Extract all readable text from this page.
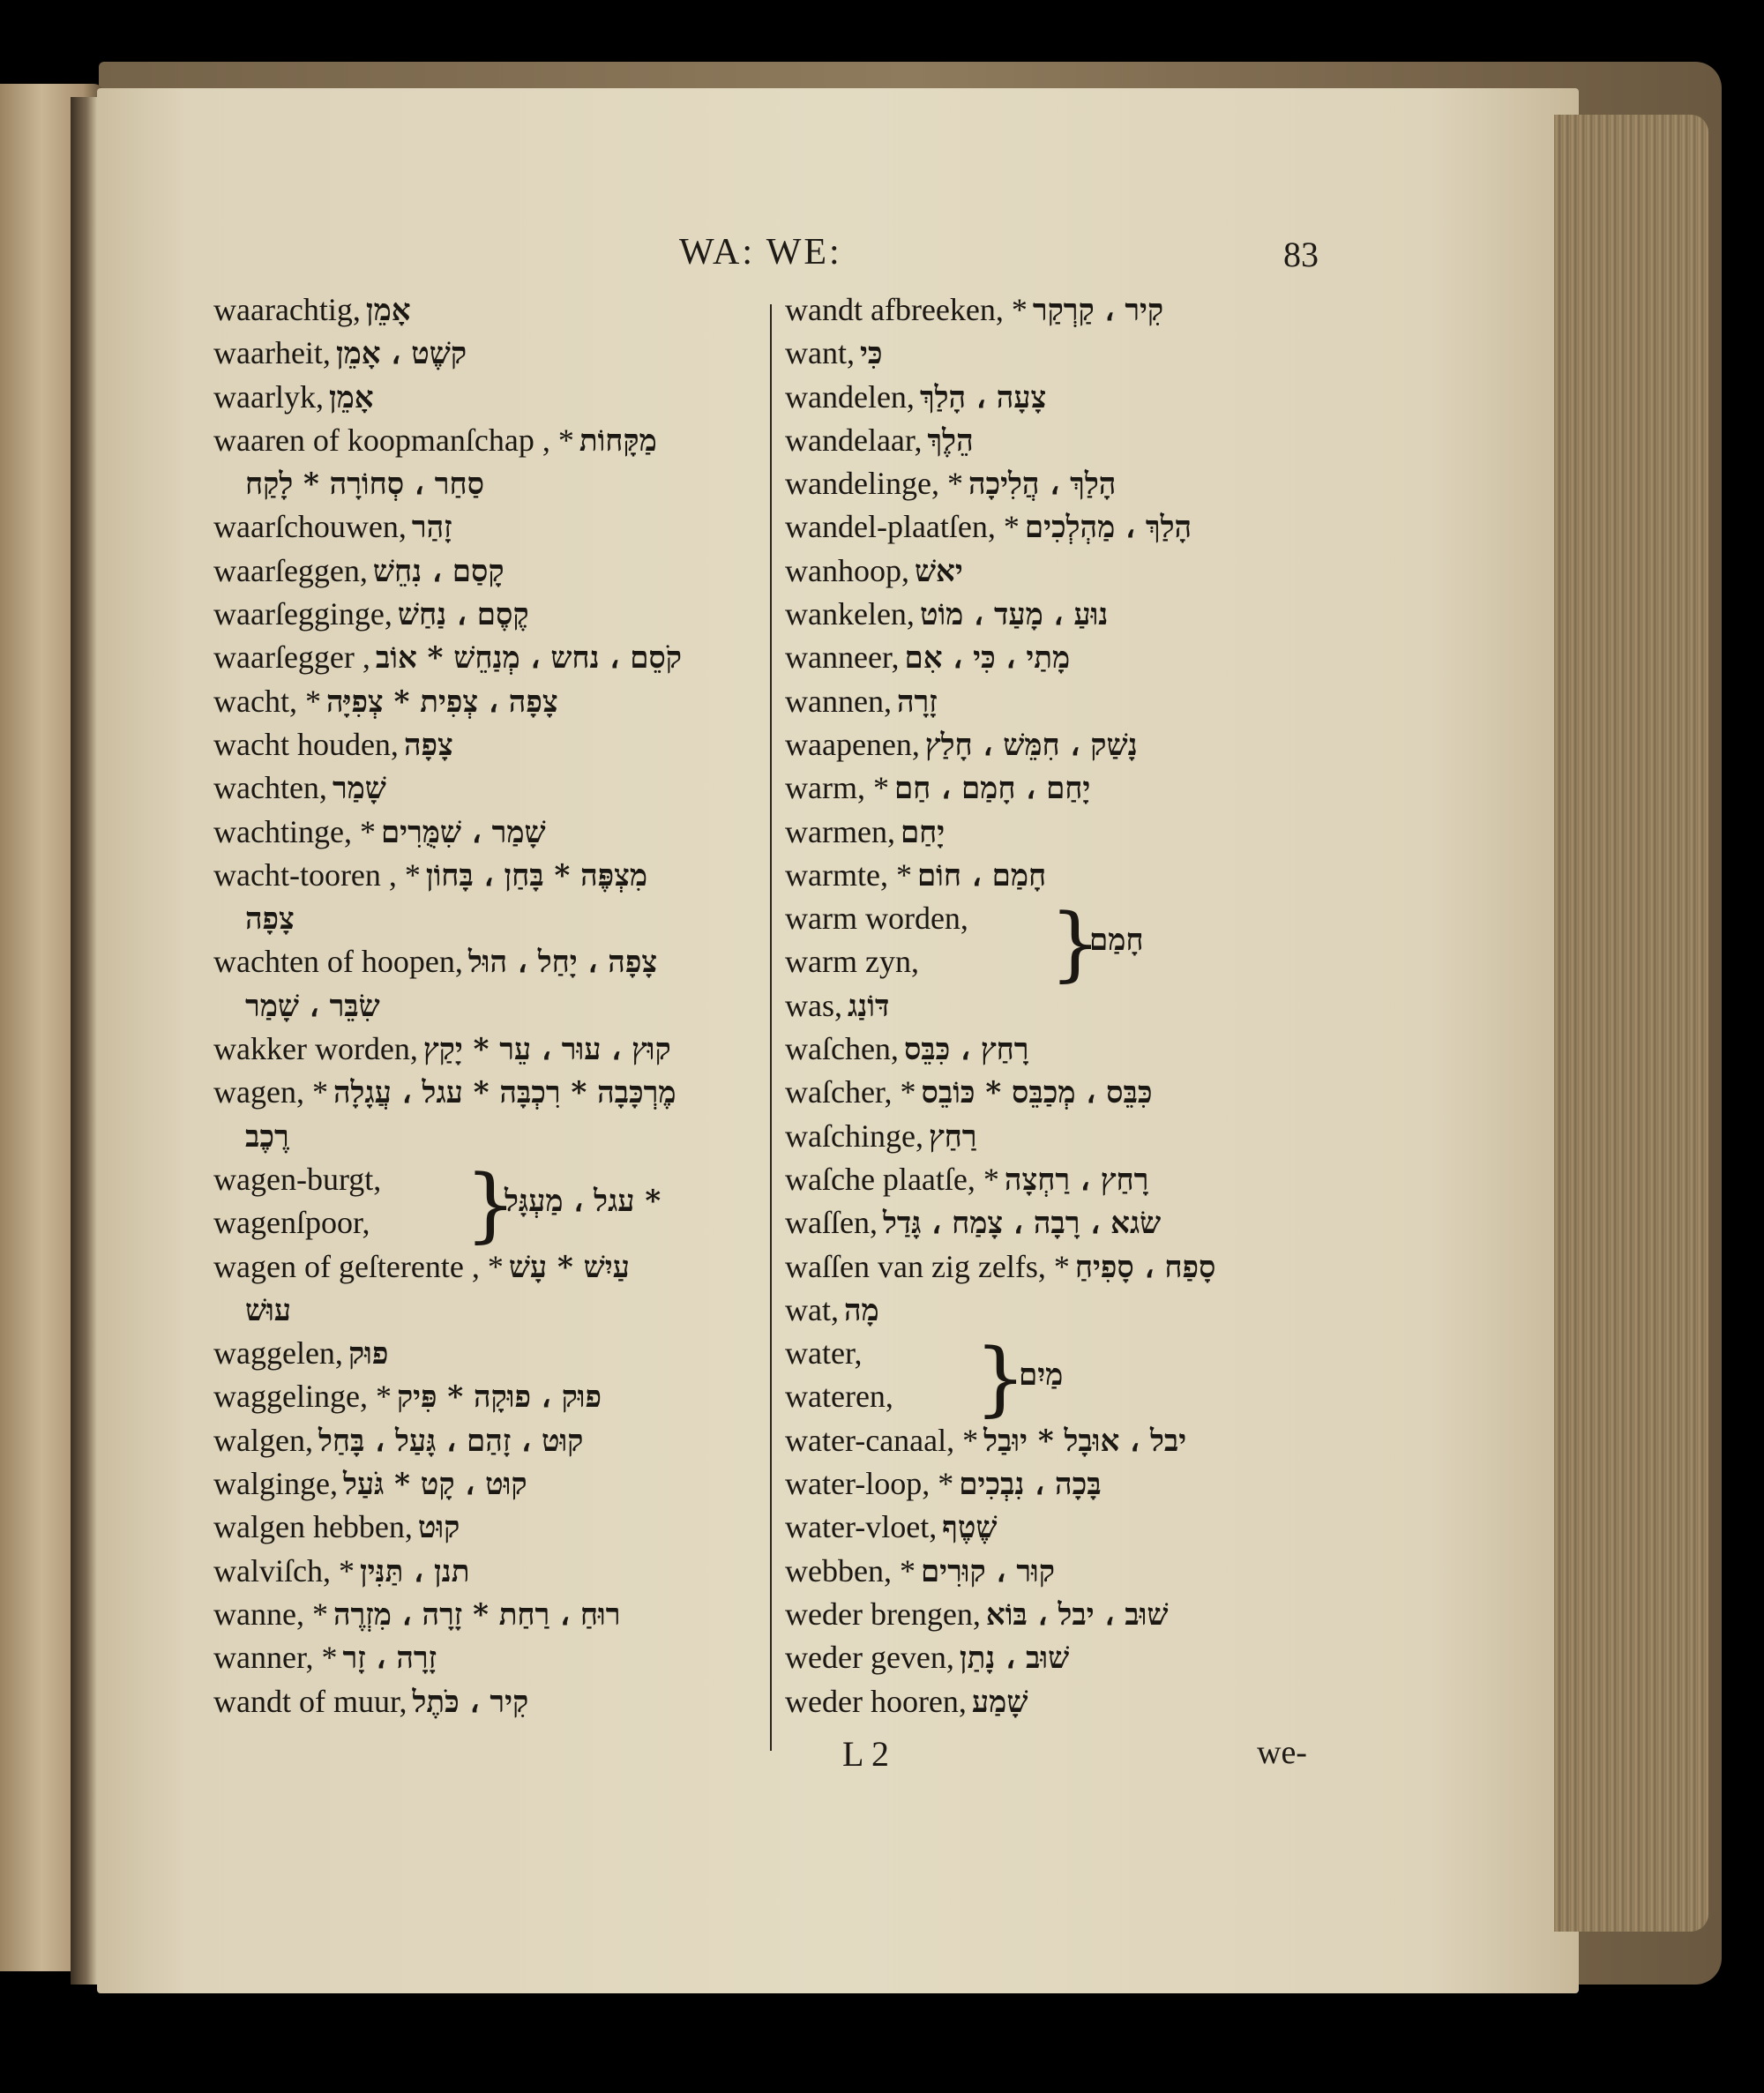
WA: WE:	83
waarachtig, אָמֵן
waarheit, קשֶׁט ، אָמֵן
waarlyk, אָמֵן
waaren of koopmanſchap , * מַקָּחוֹת
סַחַר ، סְחוֹרָה * לָקַח
waarſchouwen, זָהַר
waarſeggen, קָסַם ، נִחֵשׁ
waarſegginge, קֶסֶם ، נַחַשׁ
waarſegger , קֹסֵם ، נחש ، מְנַחֵשׁ * אוֹב
wacht, * צָפָה ، צְפִית * צְפִיָּה
wacht houden, צָפָה
wachten, שָׁמַר
wachtinge, * שָׁמַר ، שִׁמֻּרִים
wacht-tooren , * מִצְפֶּה * בָּחַן ، בָּחוֹן
צָפָה
wachten of hoopen, צָפָה ، יָחַל ، הוּל
שִׂבֵּר ، שָׁמַר
wakker worden, קוּץ ، עוּר ، עֵר * יָקַץ
wagen, * מֶרְכָּבָה * רִכְבָּה * עגל ، עֲגָלָה
רֶכֶב
wagen-burgt,
wagenſpoor,	}
* עגל ، מַעְגָּל
wagen of geſterente , * עַיִשׁ * עָשׁ
עוּשׁ
waggelen, פוּק
waggelinge, * פוּק ، פוּקָה * פִּיק
walgen, קוּט ، זָהַם ، גָּעַל ، בָּחַל
walginge, קוּט ، קָט * גֹּעַל
walgen hebben, קוּט
walviſch, * תנן ، תַּנִּין
wanne, * רוּחַ ، רַחַת * זָרָה ، מִזְרֶה
wanner, * זָרָה ، זָר
wandt of muur, קִיר ، כֹּתֶל
wandt afbreeken, * קִיר ، קַרְקַר
want, כִּי
wandelen, צָעָה ، הָלַךְ
wandelaar, הֵלֶךְ
wandelinge, * הָלַךְ ، הֲלִיכָה
wandel-plaatſen, * הָלַךְ ، מַהְלְכִים
wanhoop, יאשׁ
wankelen, נוּעַ ، מָעַד ، מוֹט
wanneer, מָתַי ، כִּי ، אִם
wannen, זָרָה
waapenen, נָשַׁק ، חִמֵּשׁ ، חָלַץ
warm, * יָחַם ، חָמַם ، חַם
warmen, יָחַם
warmte, * חָמַם ، חוֹם
warm worden,
warm zyn,	}
חָמַם
was, דּוֹנַג
waſchen, רָחַץ ، כִּבֵּס
waſcher, * כִּבֵּס ، מְכַבֵּס * כּוֹבֵס
waſchinge, רַחַץ
waſche plaatſe, * רָחַץ ، רַחְצָה
waſſen, שׂגא ، רָבָה ، צָמַח ، גָּדַל
waſſen van zig zelfs, * סָפַח ، סָפִיחַ
wat, מָה
water,
wateren,	}
מַיִם
water-canaal, * יבל ، אוּבָל * יוּבַל
water-loop, * בָּכָה ، נִבְכִים
water-vloet, שֶׁטֶף
webben, * קוּר ، קוּרִים
weder brengen, שׁוּב ، יבל ، בּוֹא
weder geven, שׁוּב ، נָתַן
weder hooren, שָׁמַע
L 2	we-
